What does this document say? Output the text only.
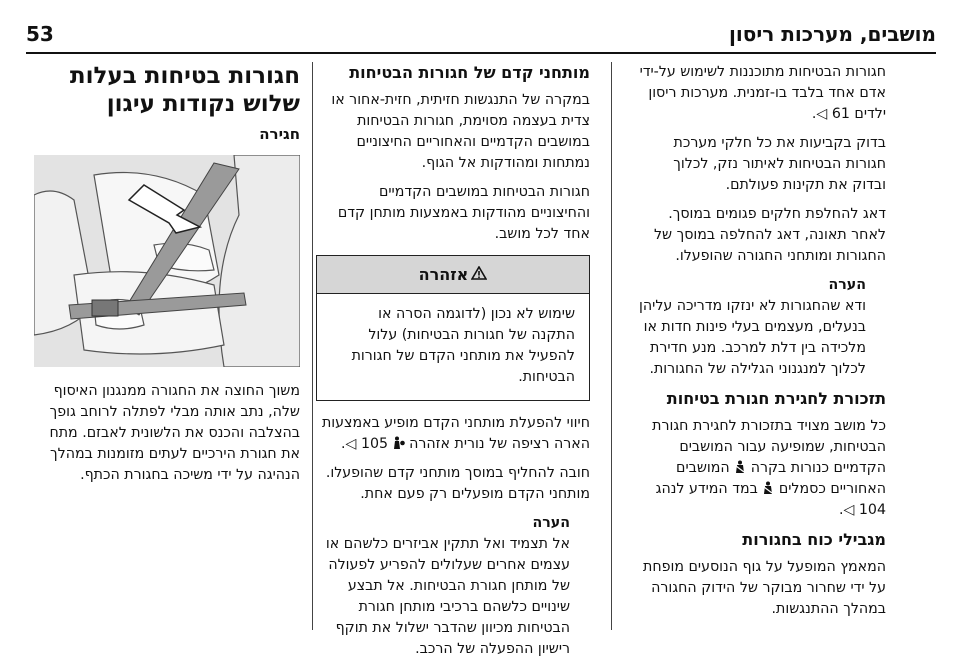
מושבים, מערכות ריסון
53

חגורות הבטיחות מתוכננות לשימוש על-ידי אדם אחד בלבד בו-זמנית. מערכות ריסון ילדים 61 ◁.

בדוק בקביעות את כל חלקי מערכת חגורות הבטיחות לאיתור נזק, לכלוך ובדוק את תקינות פעולתם.

דאג להחלפת חלקים פגומים במוסך. לאחר תאונה, דאג להחלפה במוסך של החגורות ומותחני החגורה שהופעלו.

הערה

ודא שהחגורות לא ינזקו מדריכה עליהן בנעלים, מעצמים בעלי פינות חדות או מלכידה בין דלת למרכב. מנע חדירת לכלוך למנגנוני הגלילה של החגורות.

תזכורת לחגירת חגורת בטיחות

כל מושב מצויד בתזכורת לחגירת חגורת הבטיחות, שמופיעה עבור המושבים הקדמיים כנורות בקרה  המושבים האחוריים כסמלים  במד המידע לנהג 104 ◁.

מגבילי כוח בחגורות

המאמץ המופעל על גוף הנוסעים מופחת על ידי שחרור מבוקר של הידוק החגורה במהלך ההתנגשות.

מותחני קדם של חגורות הבטיחות

במקרה של התנגשות חזיתית, חזית-אחור או צדית בעצמה מסוימת, חגורות הבטיחות במושבים הקדמיים והאחוריים החיצוניים נמתחות ומהודקות אל הגוף.

חגורות הבטיחות במושבים הקדמיים והחיצוניים מהודקות באמצעות מותחן קדם אחד לכל מושב.

אזהרה
שימוש לא נכון (לדוגמה הסרה או התקנה של חגורות הבטיחות) עלול להפעיל את מותחני הקדם של חגורות הבטיחות.

חיווי להפעלת מותחני הקדם מופיע באמצעות הארה רציפה של נורית אזהרה  105 ◁.

חובה להחליף במוסך מותחני קדם שהופעלו. מותחני הקדם מופעלים רק פעם אחת.

הערה

אל תצמיד ואל תתקין אביזרים כלשהם או עצמים אחרים שעלולים להפריע לפעולה של מותחן חגורת הבטיחות. אל תבצע שינויים כלשהם ברכיבי מותחן חגורת הבטיחות מכיוון שהדבר ישלול את תוקף רישיון ההפעלה של הרכב.

חגורות בטיחות בעלות שלוש נקודות עיגון
חגירה

משוך החוצה את החגורה ממנגנון האיסוף שלה, נתב אותה מבלי לפתלה לרוחב גופך בהצלבה והכנס את הלשונית לאבזם. מתח את חגורת הירכיים לעתים מזומנות במהלך הנהיגה על ידי משיכה בחגורת הכתף.
